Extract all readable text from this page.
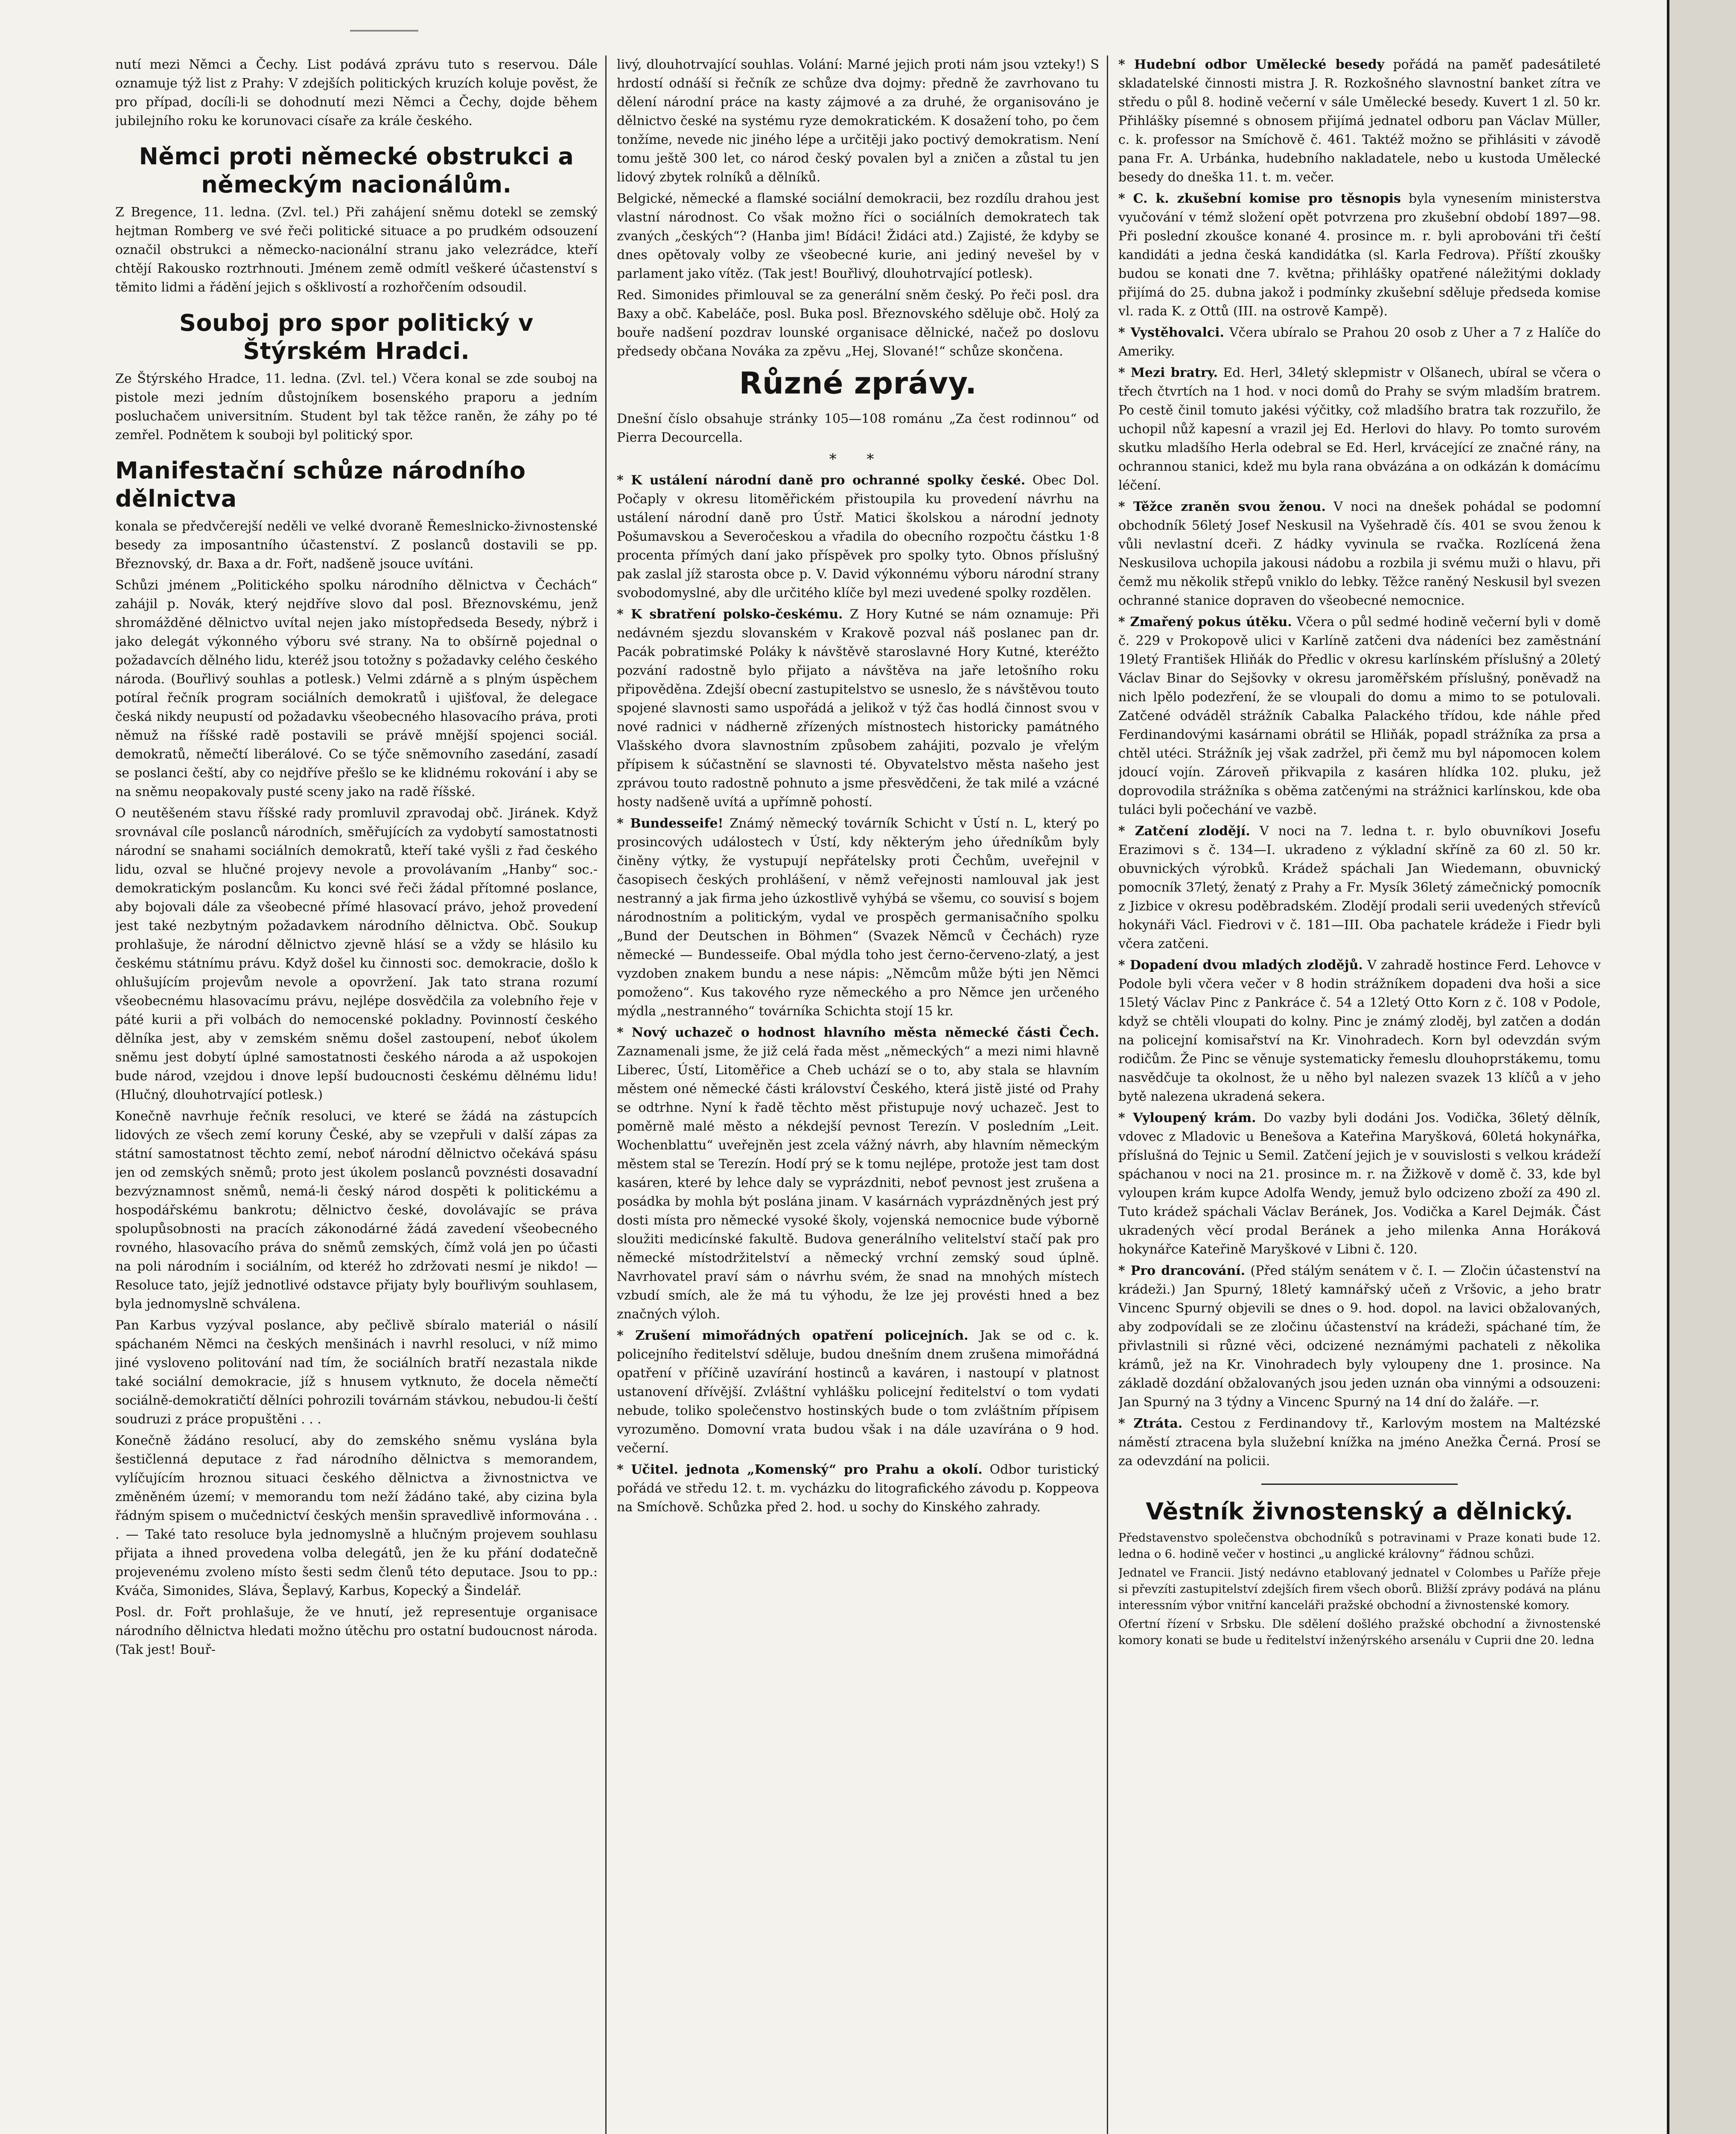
nutí mezi Němci a Čechy. List podává zprávu tuto s reservou. Dále oznamuje týž list z Prahy: V zdejších politických kruzích koluje pověst, že pro případ, docíli-li se dohodnutí mezi Němci a Čechy, dojde během jubilejního roku ke korunovaci císaře za krále českého.

Němci proti německé obstrukci a německým nacionálům.

Z Bregence, 11. ledna. (Zvl. tel.) Při zahájení sněmu dotekl se zemský hejtman Romberg ve své řeči politické situace a po prudkém odsouzení označil obstrukci a německo-nacionální stranu jako velezrádce, kteří chtějí Rakousko roztrhnouti. Jménem země odmítl veškeré účastenství s těmito lidmi a řádění jejich s ošklivostí a rozhořčením odsoudil.

Souboj pro spor politický v Štýrském Hradci.

Ze Štýrského Hradce, 11. ledna. (Zvl. tel.) Včera konal se zde souboj na pistole mezi jedním důstojníkem bosenského praporu a jedním posluchačem universitním. Student byl tak těžce raněn, že záhy po té zemřel. Podnětem k souboji byl politický spor.

Manifestační schůze národního dělnictva

konala se předvčerejší neděli ve velké dvoraně Řemeslnicko-živnostenské besedy za imposantního účastenství. Z poslanců dostavili se pp. Březnovský, dr. Baxa a dr. Fořt, nadšeně jsouce uvítáni.

Schůzi jménem „Politického spolku národního dělnictva v Čechách“ zahájil p. Novák, který nejdříve slovo dal posl. Březnovskému, jenž shromážděné dělnictvo uvítal nejen jako místopředseda Besedy, nýbrž i jako delegát výkonného výboru své strany. Na to obšírně pojednal o požadavcích dělného lidu, kteréž jsou totožny s požadavky celého českého národa. (Bouřlivý souhlas a potlesk.) Velmi zdárně a s plným úspěchem potíral řečník program sociálních demokratů i ujišťoval, že delegace česká nikdy neupustí od požadavku všeobecného hlasovacího práva, proti němuž na říšské radě postavili se právě mnější spojenci sociál. demokratů, němečtí liberálové. Co se týče sněmovního zasedání, zasadí se poslanci čeští, aby co nejdříve přešlo se ke klidnému rokování i aby se na sněmu neopakovaly pusté sceny jako na radě říšské.

O neutěšeném stavu říšské rady promluvil zpravodaj obč. Jiránek. Když srovnával cíle poslanců národních, směřujících za vydobytí samostatnosti národní se snahami sociálních demokratů, kteří také vyšli z řad českého lidu, ozval se hlučné projevy nevole a provolávaním „Hanby“ soc.-demokratickým poslancům. Ku konci své řeči žádal přítomné poslance, aby bojovali dále za všeobecné přímé hlasovací právo, jehož provedení jest také nezbytným požadavkem národního dělnictva. Obč. Soukup prohlašuje, že národní dělnictvo zjevně hlásí se a vždy se hlásilo ku českému státnímu právu. Když došel ku činnosti soc. demokracie, došlo k ohlušujícím projevům nevole a opovržení. Jak tato strana rozumí všeobecnému hlasovacímu právu, nejlépe dosvědčila za volebního řeje v páté kurii a při volbách do nemocenské pokladny. Povinností českého dělníka jest, aby v zemském sněmu došel zastoupení, neboť úkolem sněmu jest dobytí úplné samostatnosti českého národa a až uspokojen bude národ, vzejdou i dnove lepší budoucnosti českému dělnému lidu! (Hlučný, dlouhotrvající potlesk.)

Konečně navrhuje řečník resoluci, ve které se žádá na zástupcích lidových ze všech zemí koruny České, aby se vzepřuli v další zápas za státní samostatnost těchto zemí, neboť národní dělnictvo očekává spásu jen od zemských sněmů; proto jest úkolem poslanců povznésti dosavadní bezvýznamnost sněmů, nemá-li český národ dospěti k politickému a hospodářskému bankrotu; dělnictvo české, dovolávajíc se práva spolupůsobnosti na pracích zákonodárné žádá zavedení všeobecného rovného, hlasovacího práva do sněmů zemských, čímž volá jen po účasti na poli národním i sociálním, od kteréž ho zdržovati nesmí je nikdo! — Resoluce tato, jejíž jednotlivé odstavce přijaty byly bouřlivým souhlasem, byla jednomyslně schválena.

Pan Karbus vyzýval poslance, aby pečlivě sbíralo materiál o násilí spáchaném Němci na českých menšinách i navrhl resoluci, v níž mimo jiné vysloveno politování nad tím, že sociálních bratří nezastala nikde také sociální demokracie, jíž s hnusem vytknuto, že docela němečtí sociálně-demokratičtí dělníci pohrozili továrnám stávkou, nebudou-li čeští soudruzi z práce propuštěni . . .

Konečně žádáno resolucí, aby do zemského sněmu vyslána byla šestičlenná deputace z řad národního dělnictva s memorandem, vylíčujícím hroznou situaci českého dělnictva a živnostnictva ve změněném území; v memorandu tom neží žádáno také, aby cizina byla řádným spisem o mučednictví českých menšin spravedlivě informována . . . — Také tato resoluce byla jednomyslně a hlučným projevem souhlasu přijata a ihned provedena volba delegátů, jen že ku přání dodatečně projevenému zvoleno místo šesti sedm členů této deputace. Jsou to pp.: Kváča, Simonides, Sláva, Šeplavý, Karbus, Kopecký a Šindelář.

Posl. dr. Fořt prohlašuje, že ve hnutí, jež representuje organisace národního dělnictva hledati možno útěchu pro ostatní budoucnost národa. (Tak jest! Bouř-

livý, dlouhotrvající souhlas. Volání: Marné jejich proti nám jsou vzteky!) S hrdostí odnáší si řečník ze schůze dva dojmy: předně že zavrhovano tu dělení národní práce na kasty zájmové a za druhé, že organisováno je dělnictvo české na systému ryze demokratickém. K dosažení toho, po čem tonžíme, nevede nic jiného lépe a určitěji jako poctivý demokratism. Není tomu ještě 300 let, co národ český povalen byl a zničen a zůstal tu jen lidový zbytek rolníků a dělníků.

Belgické, německé a flamské sociální demokracii, bez rozdílu drahou jest vlastní národnost. Co však možno říci o sociálních demokratech tak zvaných „českých“? (Hanba jim! Bídáci! Židáci atd.) Zajisté, že kdyby se dnes opětovaly volby ze všeobecné kurie, ani jediný nevešel by v parlament jako vítěz. (Tak jest! Bouřlivý, dlouhotrvající potlesk).

Red. Simonides přimlouval se za generální sněm český. Po řeči posl. dra Baxy a obč. Kabeláče, posl. Buka posl. Březnovského sděluje obč. Holý za bouře nadšení pozdrav lounské organisace dělnické, načež po doslovu předsedy občana Nováka za zpěvu „Hej, Slované!“ schůze skončena.

Různé zprávy.

Dnešní číslo obsahuje stránky 105—108 románu „Za čest rodinnou“ od Pierra Decourcella.

* *

* K ustálení národní daně pro ochranné spolky české. Obec Dol. Počaply v okresu litoměřickém přistoupila ku provedení návrhu na ustálení národní daně pro Ústř. Matici školskou a národní jednoty Pošumavskou a Severočeskou a vřadila do obecního rozpočtu částku 1·8 procenta přímých daní jako příspěvek pro spolky tyto. Obnos příslušný pak zaslal jíž starosta obce p. V. David výkonnému výboru národní strany svobodomyslné, aby dle určitého klíče byl mezi uvedené spolky rozdělen.

* K sbratření polsko-českému. Z Hory Kutné se nám oznamuje: Při nedávném sjezdu slovanském v Krakově pozval náš poslanec pan dr. Pacák pobratimské Poláky k návštěvě staroslavné Hory Kutné, kteréžto pozvání radostně bylo přijato a návštěva na jaře letošního roku připověděna. Zdejší obecní zastupitelstvo se usneslo, že s návštěvou touto spojené slavnosti samo uspořádá a jelikož v týž čas hodlá činnost svou v nové radnici v nádherně zřízených místnostech historicky památného Vlašského dvora slavnostním způsobem zahájiti, pozvalo je vřelým přípisem k súčastnění se slavnosti té. Obyvatelstvo města našeho jest zprávou touto radostně pohnuto a jsme přesvědčeni, že tak milé a vzácné hosty nadšeně uvítá a upřímně pohostí.

* Bundesseife! Známý německý továrník Schicht v Ústí n. L, který po prosincových událostech v Ústí, kdy některým jeho úředníkům byly činěny výtky, že vystupují nepřátelsky proti Čechům, uveřejnil v časopisech českých prohlášení, v němž veřejnosti namlouval jak jest nestranný a jak firma jeho úzkostlivě vyhýbá se všemu, co souvisí s bojem národnostním a politickým, vydal ve prospěch germanisačního spolku „Bund der Deutschen in Böhmen“ (Svazek Němců v Čechách) ryze německé — Bundesseife. Obal mýdla toho jest černo-červeno-zlatý, a jest vyzdoben znakem bundu a nese nápis: „Němcům může býti jen Němci pomoženo“. Kus takového ryze německého a pro Němce jen určeného mýdla „nestranného“ továrníka Schichta stojí 15 kr.

* Nový uchazeč o hodnost hlavního města německé části Čech. Zaznamenali jsme, že již celá řada měst „německých“ a mezi nimi hlavně Liberec, Ústí, Litoměřice a Cheb uchází se o to, aby stala se hlavním městem oné německé části království Českého, která jistě jisté od Prahy se odtrhne. Nyní k řadě těchto měst přistupuje nový uchazeč. Jest to poměrně malé město a nékdejší pevnost Terezín. V posledním „Leit. Wochenblattu“ uveřejněn jest zcela vážný návrh, aby hlavním německým městem stal se Terezín. Hodí prý se k tomu nejlépe, protože jest tam dost kasáren, které by lehce daly se vyprázdniti, neboť pevnost jest zrušena a posádka by mohla být poslána jinam. V kasárnách vyprázdněných jest prý dosti místa pro německé vysoké školy, vojenská nemocnice bude výborně sloužiti medicínské fakultě. Budova generálního velitelství stačí pak pro německé místodržitelství a německý vrchní zemský soud úplně. Navrhovatel praví sám o návrhu svém, že snad na mnohých místech vzbudí smích, ale že má tu výhodu, že lze jej provésti hned a bez značných výloh.

* Zrušení mimořádných opatření policejních. Jak se od c. k. policejního ředitelství sděluje, budou dnešním dnem zrušena mimořádná opatření v příčině uzavírání hostinců a kaváren, i nastoupí v platnost ustanovení dřívější. Zvláštní vyhlášku policejní ředitelství o tom vydati nebude, toliko společenstvo hostinských bude o tom zvláštním přípisem vyrozuměno. Domovní vrata budou však i na dále uzavírána o 9 hod. večerní.

* Učitel. jednota „Komenský“ pro Prahu a okolí. Odbor turistický pořádá ve středu 12. t. m. vycházku do litografického závodu p. Koppeova na Smíchově. Schůzka před 2. hod. u sochy do Kinského zahrady.

* Hudební odbor Umělecké besedy pořádá na paměť padesátileté skladatelské činnosti mistra J. R. Rozkošného slavnostní banket zítra ve středu o půl 8. hodině večerní v sále Umělecké besedy. Kuvert 1 zl. 50 kr. Přihlášky písemné s obnosem přijímá jednatel odboru pan Václav Müller, c. k. professor na Smíchově č. 461. Taktéž možno se přihlásiti v závodě pana Fr. A. Urbánka, hudebního nakladatele, nebo u kustoda Umělecké besedy do dneška 11. t. m. večer.

* C. k. zkušební komise pro těsnopis byla vynesením ministerstva vyučování v témž složení opět potvrzena pro zkušební období 1897—98. Při poslední zkoušce konané 4. prosince m. r. byli aprobováni tři čeští kandidáti a jedna česká kandidátka (sl. Karla Fedrova). Příští zkoušky budou se konati dne 7. května; přihlášky opatřené náležitými doklady přijímá do 25. dubna jakož i podmínky zkušební sděluje předseda komise vl. rada K. z Ottů (III. na ostrově Kampě).

* Vystěhovalci. Včera ubíralo se Prahou 20 osob z Uher a 7 z Halíče do Ameriky.

* Mezi bratry. Ed. Herl, 34letý sklepmistr v Olšanech, ubíral se včera o třech čtvrtích na 1 hod. v noci domů do Prahy se svým mladším bratrem. Po cestě činil tomuto jakési výčitky, což mladšího bratra tak rozzuřilo, že uchopil nůž kapesní a vrazil jej Ed. Herlovi do hlavy. Po tomto surovém skutku mladšího Herla odebral se Ed. Herl, krvácející ze značné rány, na ochrannou stanici, kdež mu byla rana obvázána a on odkázán k domácímu léčení.

* Těžce zraněn svou ženou. V noci na dnešek pohádal se podomní obchodník 56letý Josef Neskusil na Vyšehradě čís. 401 se svou ženou k vůli nevlastní dceři. Z hádky vyvinula se rvačka. Rozlícená žena Neskusilova uchopila jakousi nádobu a rozbila ji svému muži o hlavu, při čemž mu několik střepů vniklo do lebky. Těžce raněný Neskusil byl svezen ochranné stanice dopraven do všeobecné nemocnice.

* Zmařený pokus útěku. Včera o půl sedmé hodině večerní byli v domě č. 229 v Prokopově ulici v Karlíně zatčeni dva nádeníci bez zaměstnání 19letý František Hliňák do Předlic v okresu karlínském příslušný a 20letý Václav Binar do Sejšovky v okresu jaroměřském příslušný, poněvadž na nich lpělo podezření, že se vloupali do domu a mimo to se potulovali. Zatčené odváděl strážník Cabalka Palackého třídou, kde náhle před Ferdinandovými kasárnami obrátil se Hliňák, popadl strážníka za prsa a chtěl utéci. Strážník jej však zadržel, při čemž mu byl nápomocen kolem jdoucí vojín. Zároveň přikvapila z kasáren hlídka 102. pluku, jež doprovodila strážníka s oběma zatčenými na strážnici karlínskou, kde oba tuláci byli počechání ve vazbě.

* Zatčení zlodějí. V noci na 7. ledna t. r. bylo obuvníkovi Josefu Erazimovi s č. 134—I. ukradeno z výkladní skříně za 60 zl. 50 kr. obuvnických výrobků. Krádež spáchali Jan Wiedemann, obuvnický pomocník 37letý, ženatý z Prahy a Fr. Mysík 36letý zámečnický pomocník z Jizbice v okresu poděbradském. Zlodějí prodali serii uvedených střevíců hokynáři Václ. Fiedrovi v č. 181—III. Oba pachatele krádeže i Fiedr byli včera zatčeni.

* Dopadení dvou mladých zlodějů. V zahradě hostince Ferd. Lehovce v Podole byli včera večer v 8 hodin strážníkem dopadeni dva hoši a sice 15letý Václav Pinc z Pankráce č. 54 a 12letý Otto Korn z č. 108 v Podole, když se chtěli vloupati do kolny. Pinc je známý zloděj, byl zatčen a dodán na policejní komisařství na Kr. Vinohradech. Korn byl odevzdán svým rodičům. Že Pinc se věnuje systematicky řemeslu dlouhoprstákemu, tomu nasvědčuje ta okolnost, že u něho byl nalezen svazek 13 klíčů a v jeho bytě nalezena ukradená sekera.

* Vyloupený krám. Do vazby byli dodáni Jos. Vodička, 36letý dělník, vdovec z Mladovic u Benešova a Kateřina Maryšková, 60letá hokynářka, příslušná do Tejnic u Semil. Zatčení jejich je v souvislosti s velkou krádeží spáchanou v noci na 21. prosince m. r. na Žižkově v domě č. 33, kde byl vyloupen krám kupce Adolfa Wendy, jemuž bylo odcizeno zboží za 490 zl. Tuto krádež spáchali Václav Beránek, Jos. Vodička a Karel Dejmák. Část ukradených věcí prodal Beránek a jeho milenka Anna Horáková hokynářce Kateřině Maryškové v Libni č. 120.

* Pro drancování. (Před stálým senátem v č. I. — Zločin účastenství na krádeži.) Jan Spurný, 18letý kamnářský učeň z Vršovic, a jeho bratr Vincenc Spurný objevili se dnes o 9. hod. dopol. na lavici obžalovaných, aby zodpovídali se ze zločinu účastenství na krádeži, spáchané tím, že přivlastnili si různé věci, odcizené neznámými pachateli z několika krámů, jež na Kr. Vinohradech byly vyloupeny dne 1. prosince. Na základě dozdání obžalovaných jsou jeden uznán oba vinnými a odsouzeni: Jan Spurný na 3 týdny a Vincenc Spurný na 14 dní do žaláře. —r.

* Ztráta. Cestou z Ferdinandovy tř., Karlovým mostem na Maltézské náměstí ztracena byla služební knížka na jméno Anežka Černá. Prosí se za odevzdání na policii.

Věstník živnostenský a dělnický.

Představenstvo společenstva obchodníků s potravinami v Praze konati bude 12. ledna o 6. hodině večer v hostinci „u anglické královny“ řádnou schůzi.

Jednatel ve Francii. Jistý nedávno etablovaný jednatel v Colombes u Paříže přeje si převzíti zastupitelství zdejších firem všech oborů. Bližší zprávy podává na plánu interessním výbor vnitřní kanceláři pražské obchodní a živnostenské komory.

Ofertní řízení v Srbsku. Dle sdělení došlého pražské obchodní a živnostenské komory konati se bude u ředitelství inženýrského arsenálu v Cuprii dne 20. ledna
